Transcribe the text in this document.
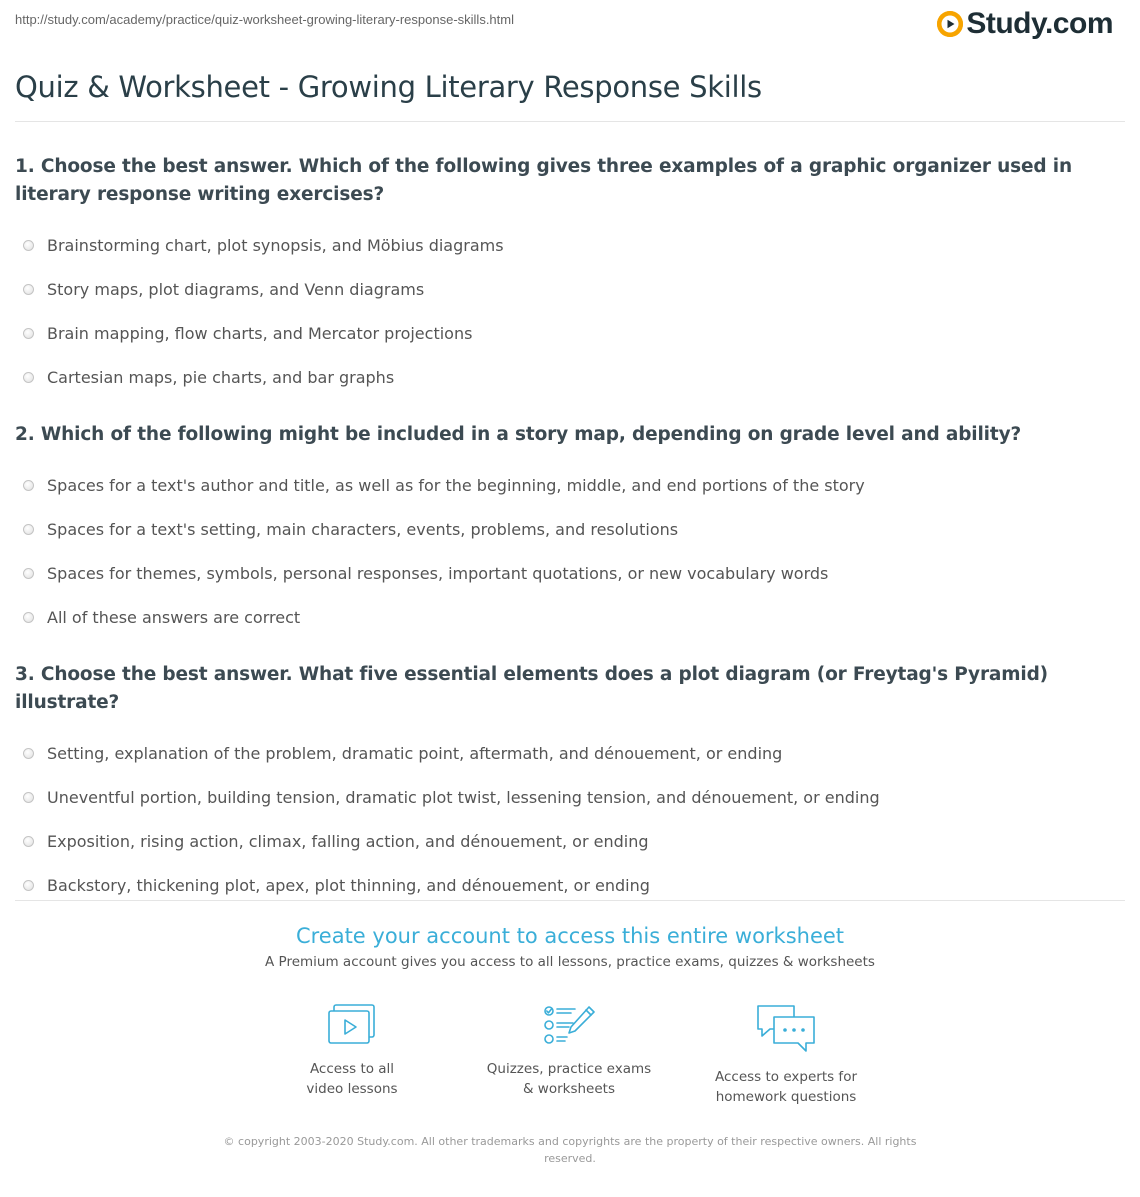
http://study.com/academy/practice/quiz-worksheet-growing-literary-response-skills.html	Study.com
Quiz & Worksheet - Growing Literary Response Skills
1. Choose the best answer. Which of the following gives three examples of a graphic organizer used in literary response writing exercises?
Brainstorming chart, plot synopsis, and Möbius diagrams
Story maps, plot diagrams, and Venn diagrams
Brain mapping, flow charts, and Mercator projections
Cartesian maps, pie charts, and bar graphs
2. Which of the following might be included in a story map, depending on grade level and ability?
Spaces for a text's author and title, as well as for the beginning, middle, and end portions of the story
Spaces for a text's setting, main characters, events, problems, and resolutions
Spaces for themes, symbols, personal responses, important quotations, or new vocabulary words
All of these answers are correct
3. Choose the best answer. What five essential elements does a plot diagram (or Freytag's Pyramid) illustrate?
Setting, explanation of the problem, dramatic point, aftermath, and dénouement, or ending
Uneventful portion, building tension, dramatic plot twist, lessening tension, and dénouement, or ending
Exposition, rising action, climax, falling action, and dénouement, or ending
Backstory, thickening plot, apex, plot thinning, and dénouement, or ending
Create your account to access this entire worksheet
A Premium account gives you access to all lessons, practice exams, quizzes & worksheets
Access to all
video lessons
Quizzes, practice exams
& worksheets
Access to experts for
homework questions
© copyright 2003-2020 Study.com. All other trademarks and copyrights are the property of their respective owners. All rights
reserved.
